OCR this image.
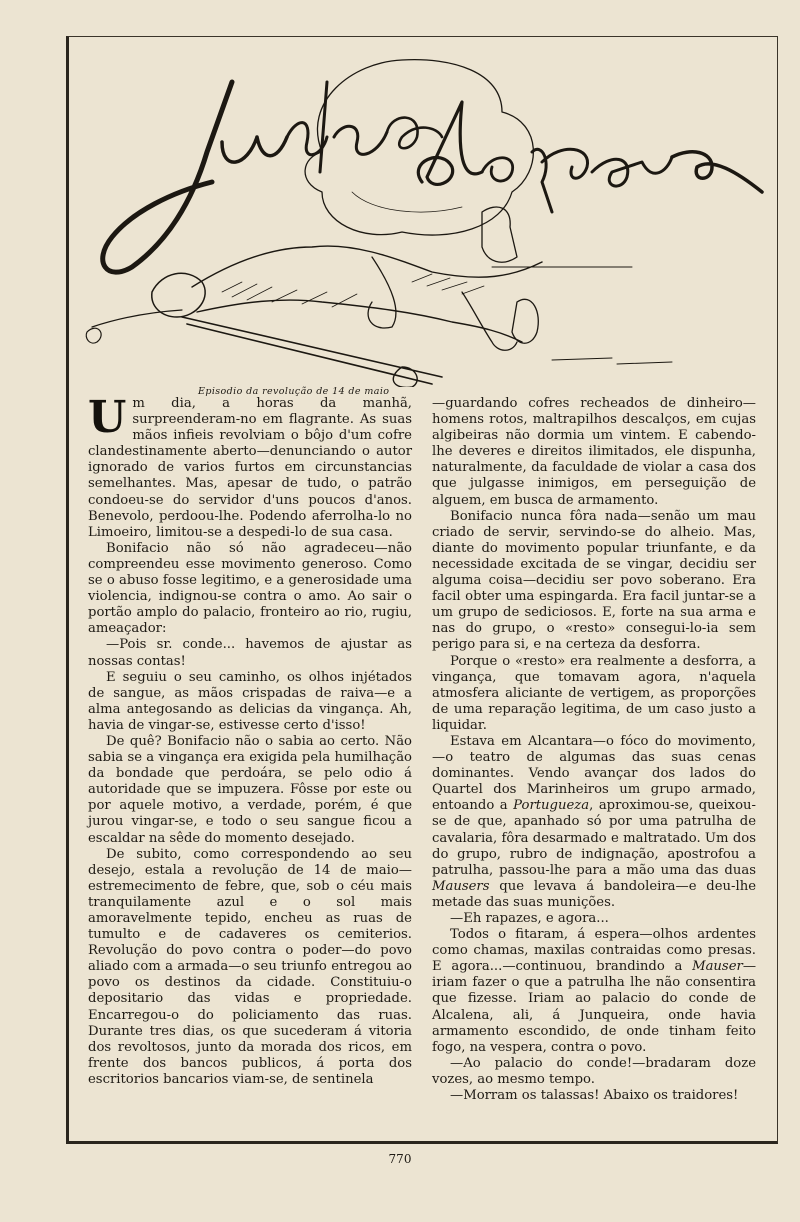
Episodio da revolução de 14 de maio

Um dia, a horas da manhã, surpreenderam-no em flagrante. As suas mãos infieis revolviam o bôjo d'um cofre clandestinamente aberto—denunciando o autor ignorado de varios furtos em circunstancias semelhantes. Mas, apesar de tudo, o patrão condoeu-se do servidor d'uns poucos d'anos. Benevolo, perdoou-lhe. Podendo aferrolha-lo no Limoeiro, limitou-se a despedi-lo de sua casa.

Bonifacio não só não agradeceu—não compreendeu esse movimento generoso. Como se o abuso fosse legitimo, e a generosidade uma violencia, indignou-se contra o amo. Ao sair o portão amplo do palacio, fronteiro ao rio, rugiu, ameaçador:

—Pois sr. conde... havemos de ajustar as nossas contas!

E seguiu o seu caminho, os olhos injétados de sangue, as mãos crispadas de raiva—e a alma antegosando as delicias da vingança. Ah, havia de vingar-se, estivesse certo d'isso!

De quê? Bonifacio não o sabia ao certo. Não sabia se a vingança era exigida pela humilhação da bondade que perdoára, se pelo odio á autoridade que se impuzera. Fôsse por este ou por aquele motivo, a verdade, porém, é que jurou vingar-se, e todo o seu sangue ficou a escaldar na sêde do momento desejado.

De subito, como correspondendo ao seu desejo, estala a revolução de 14 de maio—estremecimento de febre, que, sob o céu mais tranquilamente azul e o sol mais amoravelmente tepido, encheu as ruas de tumulto e de cadaveres os cemiterios. Revolução do povo contra o poder—do povo aliado com a armada—o seu triunfo entregou ao povo os destinos da cidade. Constituiu-o depositario das vidas e propriedade. Encarregou-o do policiamento das ruas. Durante tres dias, os que sucederam á vitoria dos revoltosos, junto da morada dos ricos, em frente dos bancos publicos, á porta dos escritorios bancarios viam-se, de sentinela

—guardando cofres recheados de dinheiro—homens rotos, maltrapilhos descalços, em cujas algibeiras não dormia um vintem. E cabendo-lhe deveres e direitos ilimitados, ele dispunha, naturalmente, da faculdade de violar a casa dos que julgasse inimigos, em perseguição de alguem, em busca de armamento.

Bonifacio nunca fôra nada—senão um mau criado de servir, servindo-se do alheio. Mas, diante do movimento popular triunfante, e da necessidade excitada de se vingar, decidiu ser alguma coisa—decidiu ser povo soberano. Era facil obter uma espingarda. Era facil juntar-se a um grupo de sediciosos. E, forte na sua arma e nas do grupo, o «resto» consegui-lo-ia sem perigo para si, e na certeza da desforra.

Porque o «resto» era realmente a desforra, a vingança, que tomavam agora, n'aquela atmosfera aliciante de vertigem, as proporções de uma reparação legitima, de um caso justo a liquidar.

Estava em Alcantara—o fóco do movimento,—o teatro de algumas das suas cenas dominantes. Vendo avançar dos lados do Quartel dos Marinheiros um grupo armado, entoando a Portugueza, aproximou-se, queixou-se de que, apanhado só por uma patrulha de cavalaria, fôra desarmado e maltratado. Um dos do grupo, rubro de indignação, apostrofou a patrulha, passou-lhe para a mão uma das duas Mausers que levava á bandoleira—e deu-lhe metade das suas munições.

—Eh rapazes, e agora...

Todos o fitaram, á espera—olhos ardentes como chamas, maxilas contraidas como presas. E agora...—continuou, brandindo a Mauser—iriam fazer o que a patrulha lhe não consentira que fizesse. Iriam ao palacio do conde de Alcalena, ali, á Junqueira, onde havia armamento escondido, de onde tinham feito fogo, na vespera, contra o povo.

—Ao palacio do conde!—bradaram doze vozes, ao mesmo tempo.

—Morram os talassas! Abaixo os traidores!

770
